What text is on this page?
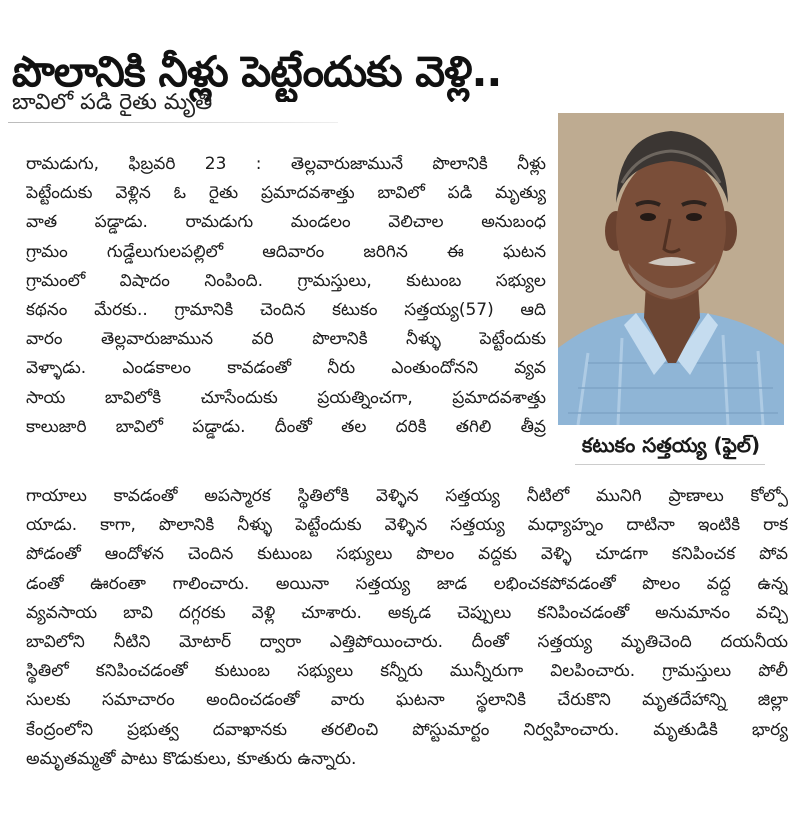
పొలానికి నీళ్లు పెట్టేందుకు వెళ్లి..
బావిలో పడి రైతు మృతి
కటుకం సత్తయ్య (ఫైల్)

రామడుగు, ఫిబ్రవరి 23 : తెల్లవారుజామునే పొలానికి నీళ్లు

పెట్టేందుకు వెళ్లిన ఓ రైతు ప్రమాదవశాత్తు బావిలో పడి మృత్యు

వాత పడ్డాడు. రామడుగు మండలం వెలిచాల అనుబంధ

గ్రామం గుడ్డేలుగులపల్లిలో ఆదివారం జరిగిన ఈ ఘటన

గ్రామంలో విషాదం నింపింది. గ్రామస్తులు, కుటుంబ సభ్యుల

కథనం మేరకు.. గ్రామానికి చెందిన కటుకం సత్తయ్య(57) ఆది

వారం తెల్లవారుజామున వరి పొలానికి నీళ్ళు పెట్టేందుకు

వెళ్ళాడు. ఎండకాలం కావడంతో నీరు ఎంతుందోనని వ్యవ

సాయ బావిలోకి చూసేందుకు ప్రయత్నించగా, ప్రమాదవశాత్తు

కాలుజారి బావిలో పడ్డాడు. దీంతో తల దరికి తగిలి తీవ్ర

గాయాలు కావడంతో అపస్మారక స్థితిలోకి వెళ్ళిన సత్తయ్య నీటిలో మునిగి ప్రాణాలు కోల్పో

యాడు. కాగా, పొలానికి నీళ్ళు పెట్టేందుకు వెళ్ళిన సత్తయ్య మధ్యాహ్నం దాటినా ఇంటికి రాక

పోడంతో ఆందోళన చెందిన కుటుంబ సభ్యులు పొలం వద్దకు వెళ్ళి చూడగా కనిపించక పోవ

డంతో ఊరంతా గాలించారు. అయినా సత్తయ్య జాడ లభించకపోవడంతో పొలం వద్ద ఉన్న

వ్యవసాయ బావి దగ్గరకు వెళ్లి చూశారు. అక్కడ చెప్పులు కనిపించడంతో అనుమానం వచ్చి

బావిలోని నీటిని మోటార్ ద్వారా ఎత్తిపోయించారు. దీంతో సత్తయ్య మృతిచెంది దయనీయ

స్థితిలో కనిపించడంతో కుటుంబ సభ్యులు కన్నీరు మున్నీరుగా విలపించారు. గ్రామస్తులు పోలీ

సులకు సమాచారం అందించడంతో వారు ఘటనా స్థలానికి చేరుకొని మృతదేహాన్ని జిల్లా

కేంద్రంలోని ప్రభుత్వ దవాఖానకు తరలించి పోస్టుమార్టం నిర్వహించారు. మృతుడికి భార్య

అమృతమ్మతో పాటు కొడుకులు, కూతురు ఉన్నారు.
